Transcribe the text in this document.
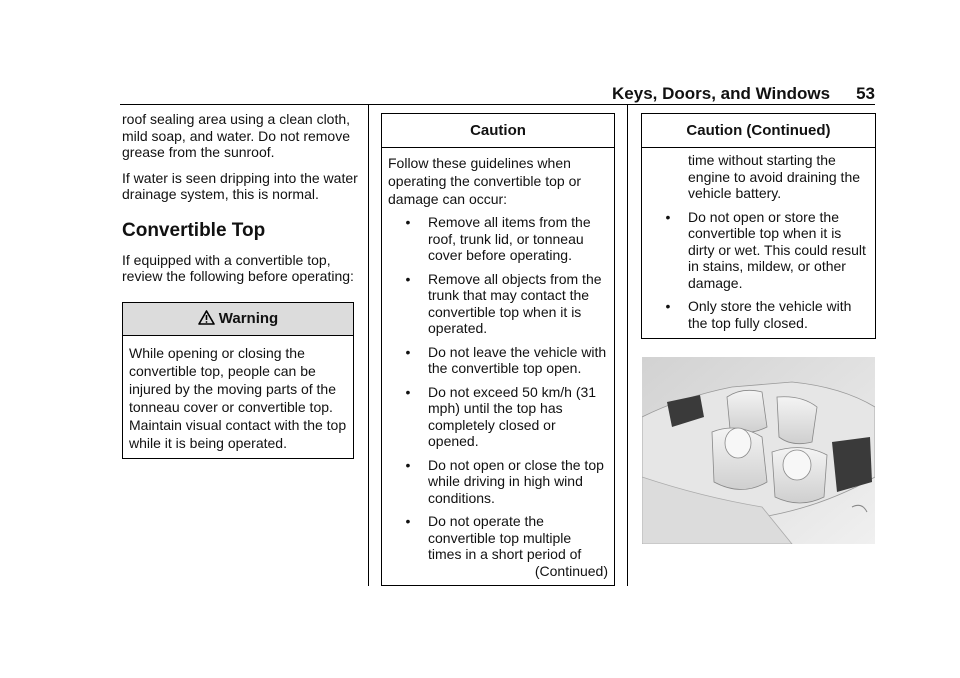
Keys, Doors, and Windows 53

roof sealing area using a clean cloth, mild soap, and water. Do not remove grease from the sunroof.

If water is seen dripping into the water drainage system, this is normal.

Convertible Top

If equipped with a convertible top, review the following before operating:

Warning
While opening or closing the convertible top, people can be injured by the moving parts of the tonneau cover or convertible top. Maintain visual contact with the top while it is being operated.
Caution
Follow these guidelines when operating the convertible top or damage can occur:
•	Remove all items from the roof, trunk lid, or tonneau cover before operating.
•	Remove all objects from the trunk that may contact the convertible top when it is operated.
•	Do not leave the vehicle with the convertible top open.
•	Do not exceed 50 km/h (31 mph) until the top has completely closed or opened.
•	Do not open or close the top while driving in high wind conditions.
•	Do not operate the convertible top multiple times in a short period of
(Continued)
Caution (Continued)
time without starting the engine to avoid draining the vehicle battery.
•	Do not open or store the convertible top when it is dirty or wet. This could result in stains, mildew, or other damage.
•	Only store the vehicle with the top fully closed.
